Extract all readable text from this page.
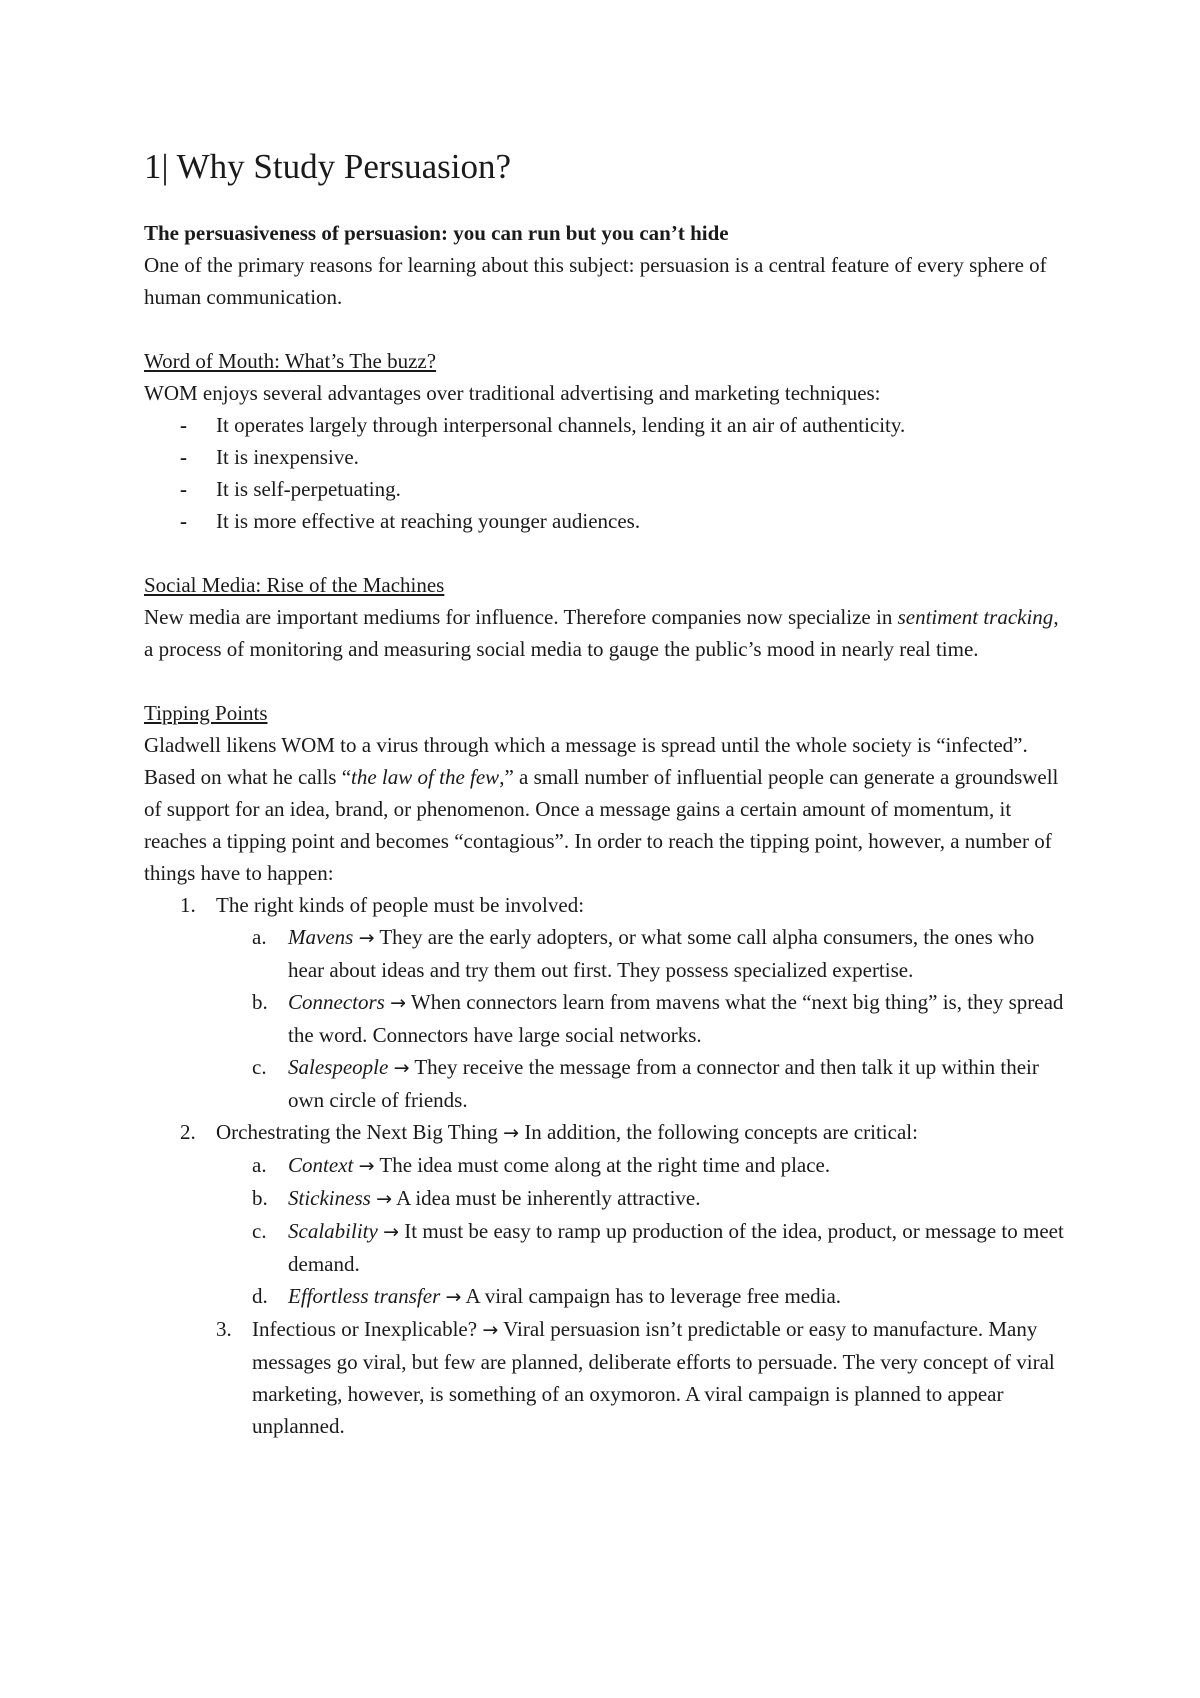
1| Why Study Persuasion?

The persuasiveness of persuasion: you can run but you can’t hide

One of the primary reasons for learning about this subject: persuasion is a central feature of every sphere of human communication.

Word of Mouth: What’s The buzz?

WOM enjoys several advantages over traditional advertising and marketing techniques:

- It operates largely through interpersonal channels, lending it an air of authenticity.
- It is inexpensive.
- It is self-perpetuating.
- It is more effective at reaching younger audiences.

Social Media: Rise of the Machines

New media are important mediums for influence. Therefore companies now specialize in sentiment tracking, a process of monitoring and measuring social media to gauge the public’s mood in nearly real time.

Tipping Points

Gladwell likens WOM to a virus through which a message is spread until the whole society is “infected”. Based on what he calls “the law of the few,” a small number of influential people can generate a groundswell of support for an idea, brand, or phenomenon. Once a message gains a certain amount of momentum, it reaches a tipping point and becomes “contagious”. In order to reach the tipping point, however, a number of things have to happen:

1. The right kinds of people must be involved:
a. Mavens → They are the early adopters, or what some call alpha consumers, the ones who hear about ideas and try them out first. They possess specialized expertise.
b. Connectors → When connectors learn from mavens what the “next big thing” is, they spread the word. Connectors have large social networks.
c. Salespeople → They receive the message from a connector and then talk it up within their own circle of friends.
2. Orchestrating the Next Big Thing → In addition, the following concepts are critical:
a. Context → The idea must come along at the right time and place.
b. Stickiness → A idea must be inherently attractive.
c. Scalability → It must be easy to ramp up production of the idea, product, or message to meet demand.
d. Effortless transfer → A viral campaign has to leverage free media.
3. Infectious or Inexplicable? → Viral persuasion isn’t predictable or easy to manufacture. Many messages go viral, but few are planned, deliberate efforts to persuade. The very concept of viral marketing, however, is something of an oxymoron. A viral campaign is planned to appear unplanned.
